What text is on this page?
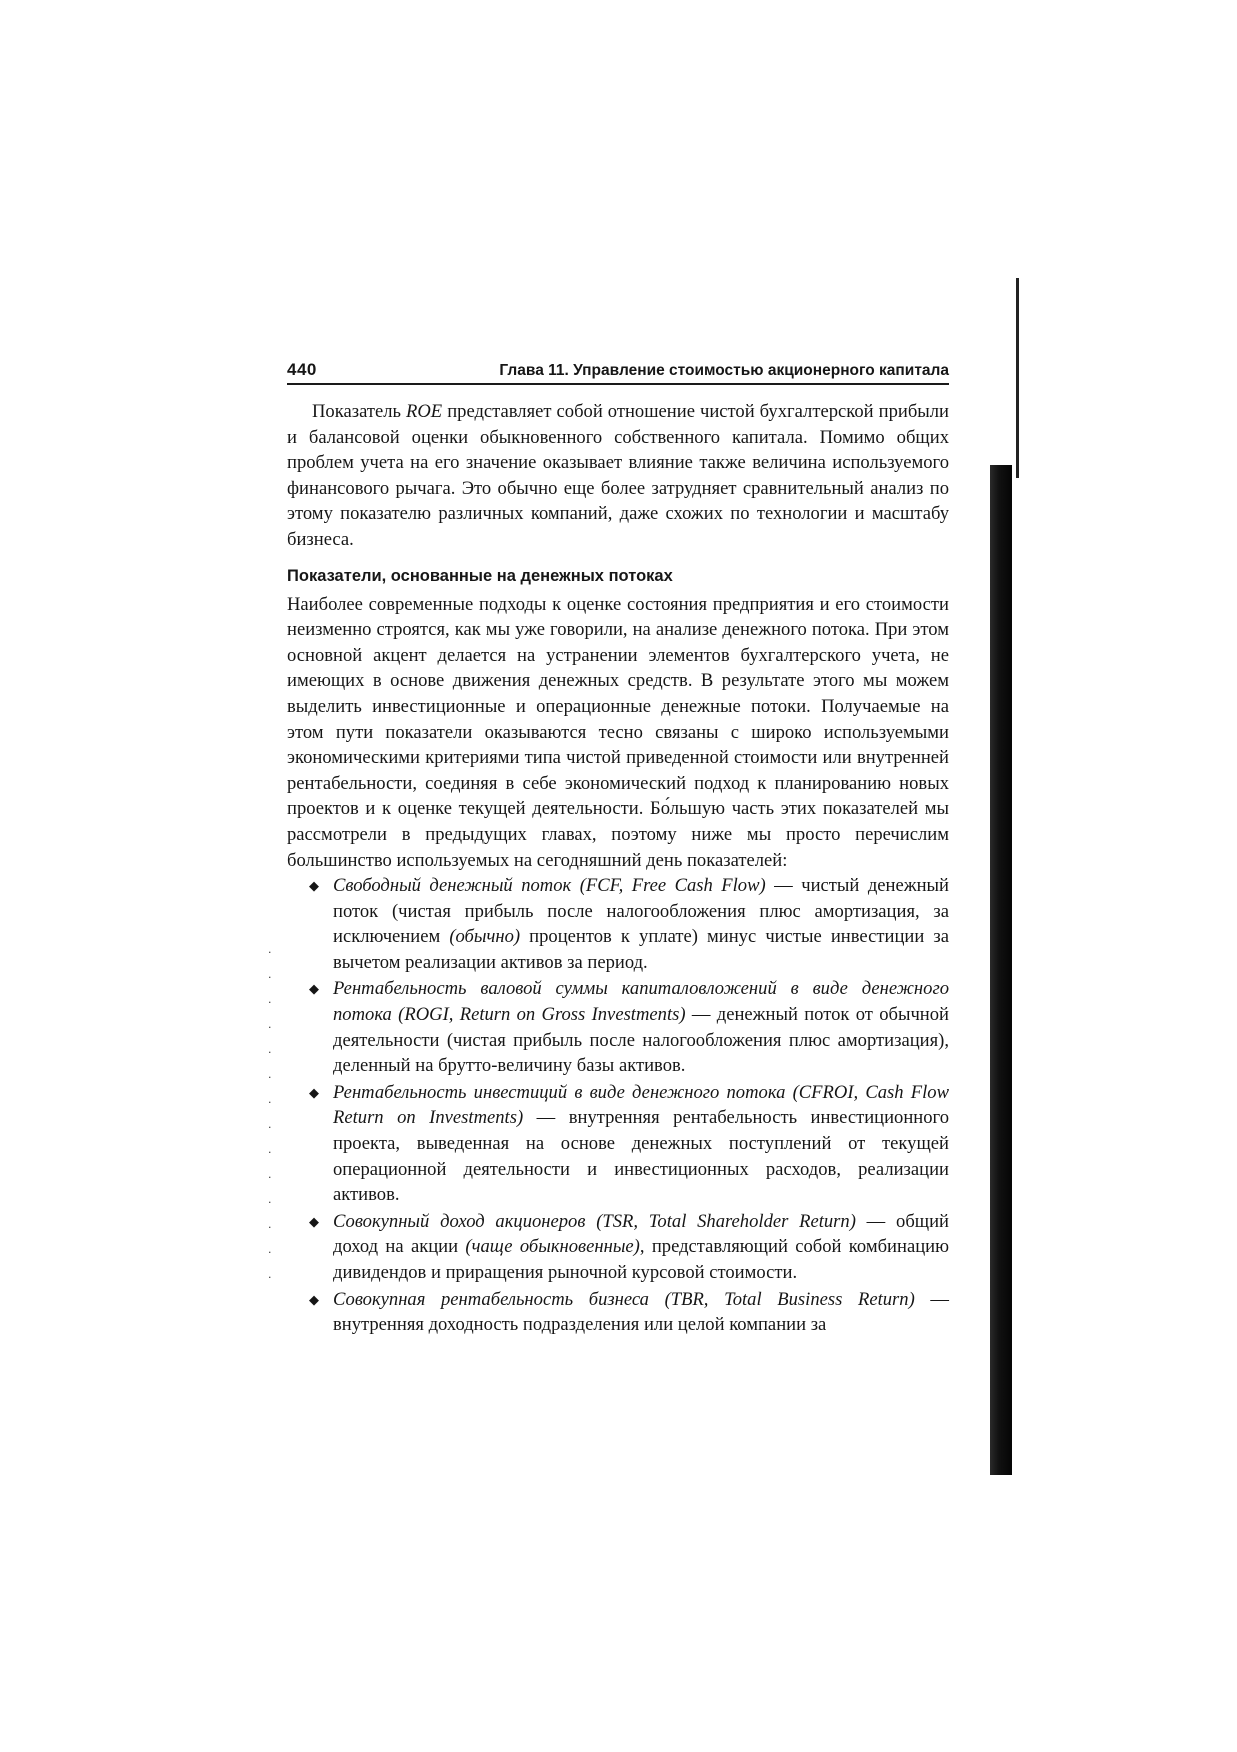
·
·
·
·
·
·
·
·
·
·
·
·
·
·
440	Глава 11. Управление стоимостью акционерного капитала

Показатель ROE представляет собой отношение чистой бухгалтерской прибыли и балансовой оценки обыкновенного собственного капитала. Помимо общих проблем учета на его значение оказывает влияние также величина используемого финансового рычага. Это обычно еще более затрудняет сравнительный анализ по этому показателю различных компаний, даже схожих по технологии и масштабу бизнеса.

Показатели, основанные на денежных потоках

Наиболее современные подходы к оценке состояния предприятия и его стоимости неизменно строятся, как мы уже говорили, на анализе денежного потока. При этом основной акцент делается на устранении элементов бухгалтерского учета, не имеющих в основе движения денежных средств. В результате этого мы можем выделить инвестиционные и операционные денежные потоки. Получаемые на этом пути показатели оказываются тесно связаны с широко используемыми экономическими критериями типа чистой приведенной стоимости или внутренней рентабельности, соединяя в себе экономический подход к планированию новых проектов и к оценке текущей деятельности. Бо́льшую часть этих показателей мы рассмотрели в предыдущих главах, поэтому ниже мы просто перечислим большинство используемых на сегодняшний день показателей:

◆ Свободный денежный поток (FCF, Free Cash Flow) — чистый денежный поток (чистая прибыль после налогообложения плюс амортизация, за исключением (обычно) процентов к уплате) минус чистые инвестиции за вычетом реализации активов за период.
◆ Рентабельность валовой суммы капиталовложений в виде денежного потока (ROGI, Return on Gross Investments) — денежный поток от обычной деятельности (чистая прибыль после налогообложения плюс амортизация), деленный на брутто-величину базы активов.
◆ Рентабельность инвестиций в виде денежного потока (CFROI, Cash Flow Return on Investments) — внутренняя рентабельность инвестиционного проекта, выведенная на основе денежных поступлений от текущей операционной деятельности и инвестиционных расходов, реализации активов.
◆ Совокупный доход акционеров (TSR, Total Shareholder Return) — общий доход на акции (чаще обыкновенные), представляющий собой комбинацию дивидендов и приращения рыночной курсовой стоимости.
◆ Совокупная рентабельность бизнеса (TBR, Total Business Return) — внутренняя доходность подразделения или целой компании за
